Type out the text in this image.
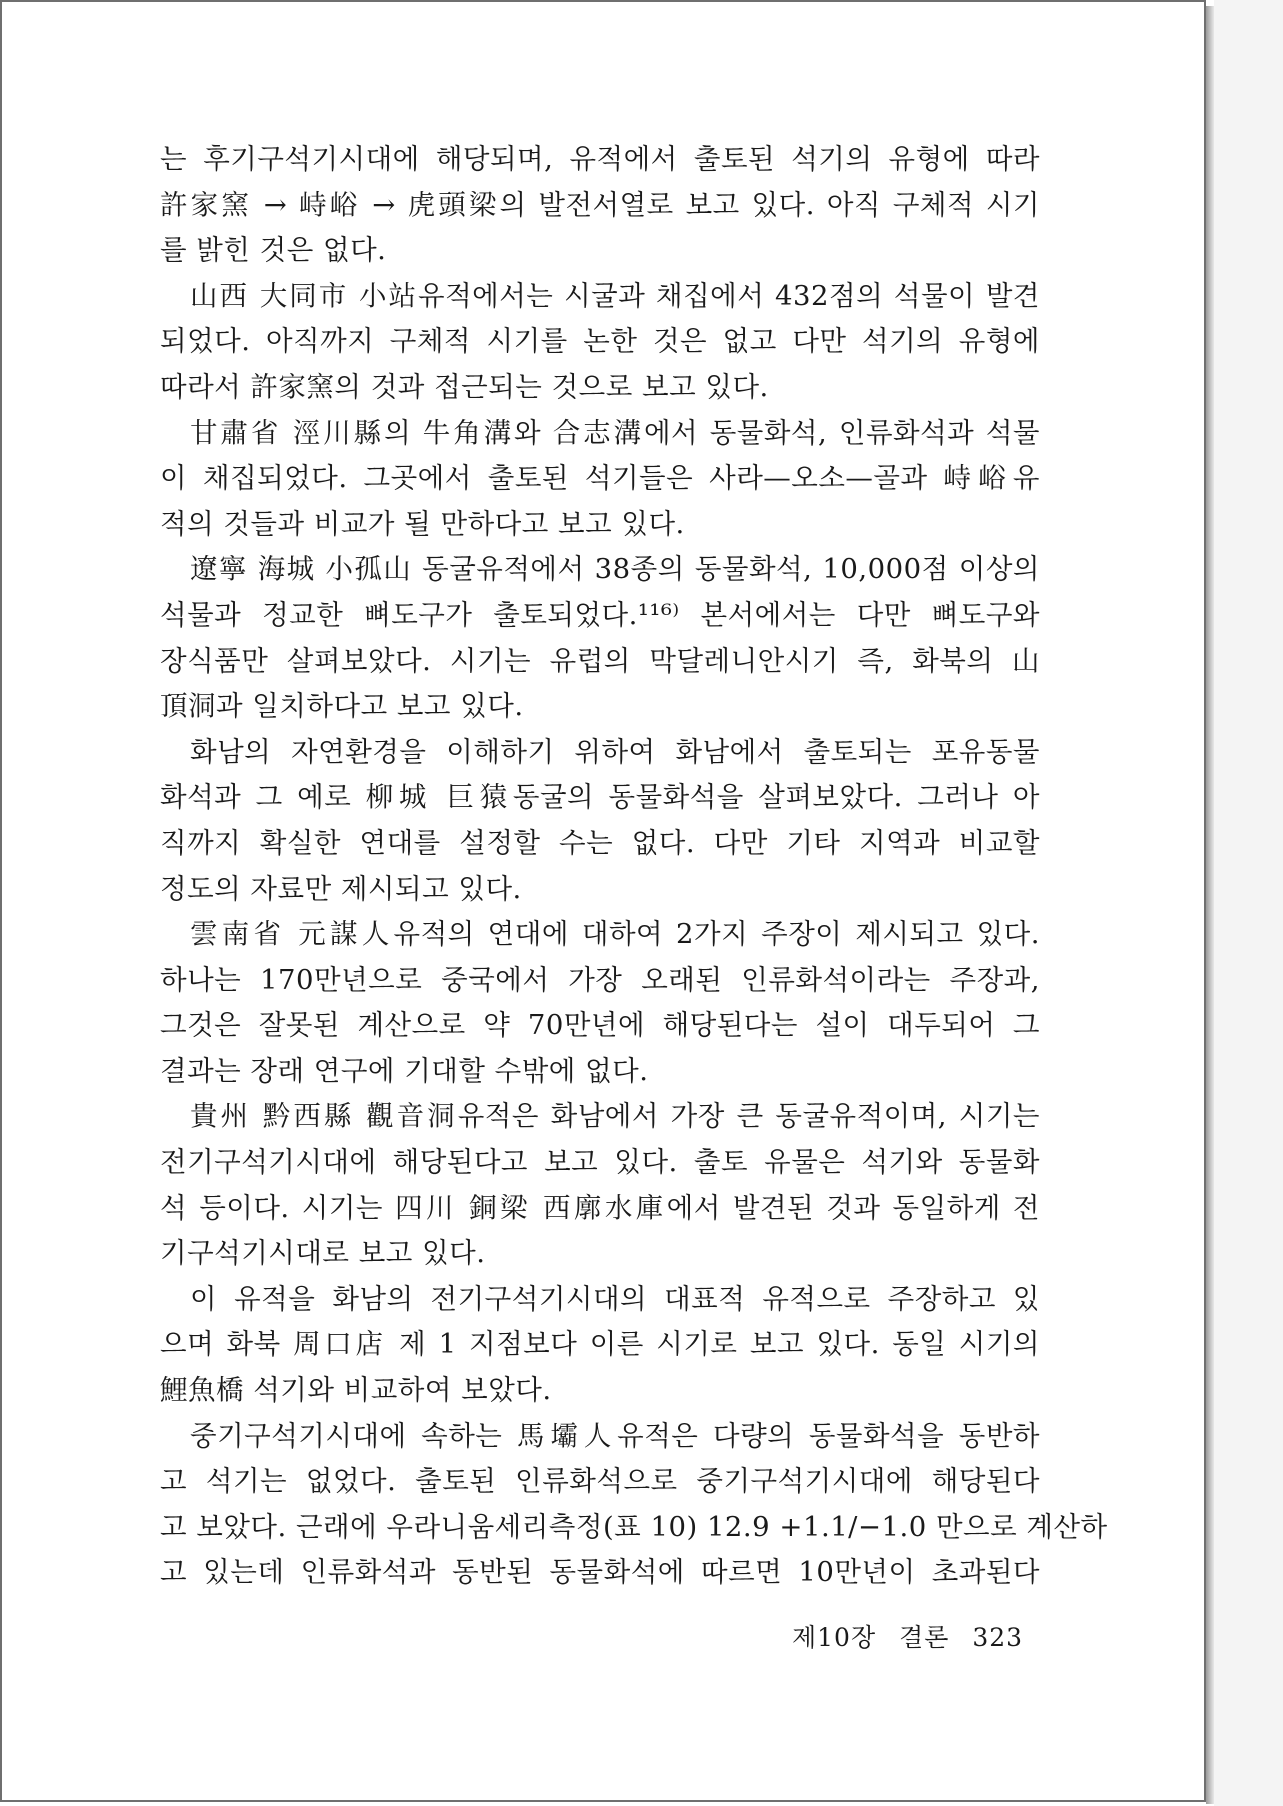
는 후기구석기시대에 해당되며, 유적에서 출토된 석기의 유형에 따라
許家窯 → 峙峪 → 虎頭梁의 발전서열로 보고 있다. 아직 구체적 시기
를 밝힌 것은 없다.
山西 大同市 小站유적에서는 시굴과 채집에서 432점의 석물이 발견
되었다. 아직까지 구체적 시기를 논한 것은 없고 다만 석기의 유형에
따라서 許家窯의 것과 접근되는 것으로 보고 있다.
甘肅省 涇川縣의 牛角溝와 合志溝에서 동물화석, 인류화석과 석물
이 채집되었다. 그곳에서 출토된 석기들은 사라—오소—골과 峙峪유
적의 것들과 비교가 될 만하다고 보고 있다.
遼寧 海城 小孤山 동굴유적에서 38종의 동물화석, 10,000점 이상의
석물과 정교한 뼈도구가 출토되었다.¹¹⁶⁾ 본서에서는 다만 뼈도구와
장식품만 살펴보았다. 시기는 유럽의 막달레니안시기 즉, 화북의 山
頂洞과 일치하다고 보고 있다.
화남의 자연환경을 이해하기 위하여 화남에서 출토되는 포유동물
화석과 그 예로 柳城 巨猿동굴의 동물화석을 살펴보았다. 그러나 아
직까지 확실한 연대를 설정할 수는 없다. 다만 기타 지역과 비교할
정도의 자료만 제시되고 있다.
雲南省 元謀人유적의 연대에 대하여 2가지 주장이 제시되고 있다.
하나는 170만년으로 중국에서 가장 오래된 인류화석이라는 주장과,
그것은 잘못된 계산으로 약 70만년에 해당된다는 설이 대두되어 그
결과는 장래 연구에 기대할 수밖에 없다.
貴州 黔西縣 觀音洞유적은 화남에서 가장 큰 동굴유적이며, 시기는
전기구석기시대에 해당된다고 보고 있다. 출토 유물은 석기와 동물화
석 등이다. 시기는 四川 銅梁 西廓水庫에서 발견된 것과 동일하게 전
기구석기시대로 보고 있다.
이 유적을 화남의 전기구석기시대의 대표적 유적으로 주장하고 있
으며 화북 周口店 제 1 지점보다 이른 시기로 보고 있다. 동일 시기의
鯉魚橋 석기와 비교하여 보았다.
중기구석기시대에 속하는 馬壩人유적은 다량의 동물화석을 동반하
고 석기는 없었다. 출토된 인류화석으로 중기구석기시대에 해당된다
고 보았다. 근래에 우라니움세리측정(표 10) 12.9 +1.1/−1.0 만으로 계산하
고 있는데 인류화석과 동반된 동물화석에 따르면 10만년이 초과된다
제10장 결론 323
